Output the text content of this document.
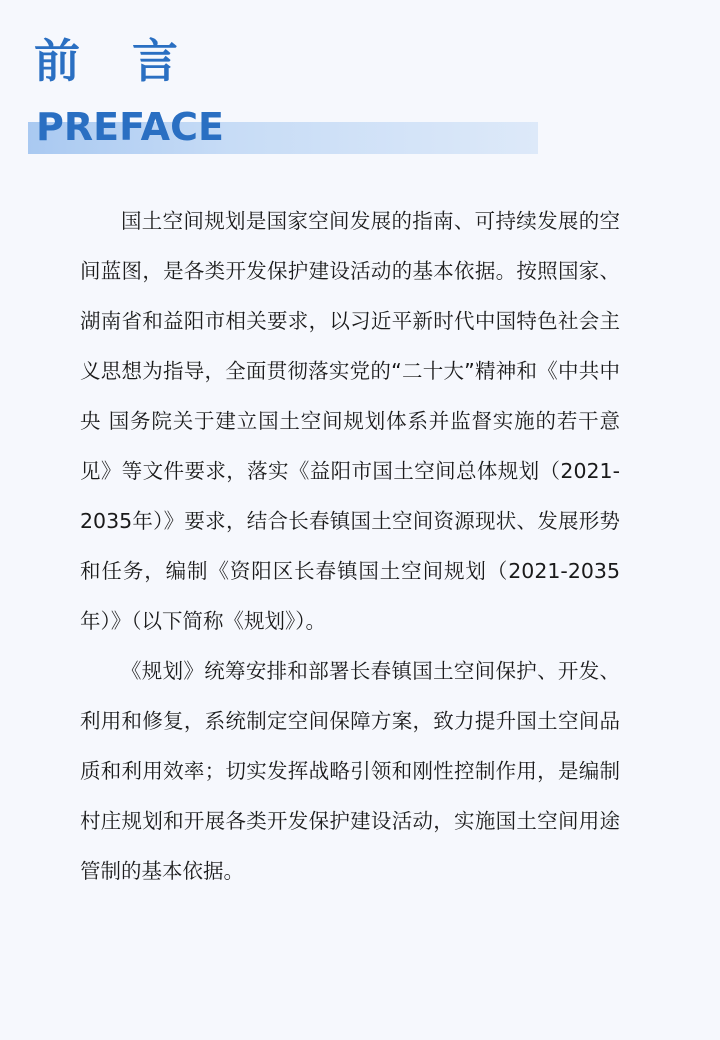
前 言
PREFACE

国土空间规划是国家空间发展的指南、可持续发展的空间蓝图，是各类开发保护建设活动的基本依据。按照国家、湖南省和益阳市相关要求，以习近平新时代中国特色社会主义思想为指导，全面贯彻落实党的“二十大”精神和《中共中央 国务院关于建立国土空间规划体系并监督实施的若干意见》等文件要求，落实《益阳市国土空间总体规划（2021-2035年）》要求，结合长春镇国土空间资源现状、发展形势和任务，编制《资阳区长春镇国土空间规划（2021-2035年）》（以下简称《规划》）。

《规划》统筹安排和部署长春镇国土空间保护、开发、利用和修复，系统制定空间保障方案，致力提升国土空间品质和利用效率；切实发挥战略引领和刚性控制作用，是编制村庄规划和开展各类开发保护建设活动，实施国土空间用途管制的基本依据。
